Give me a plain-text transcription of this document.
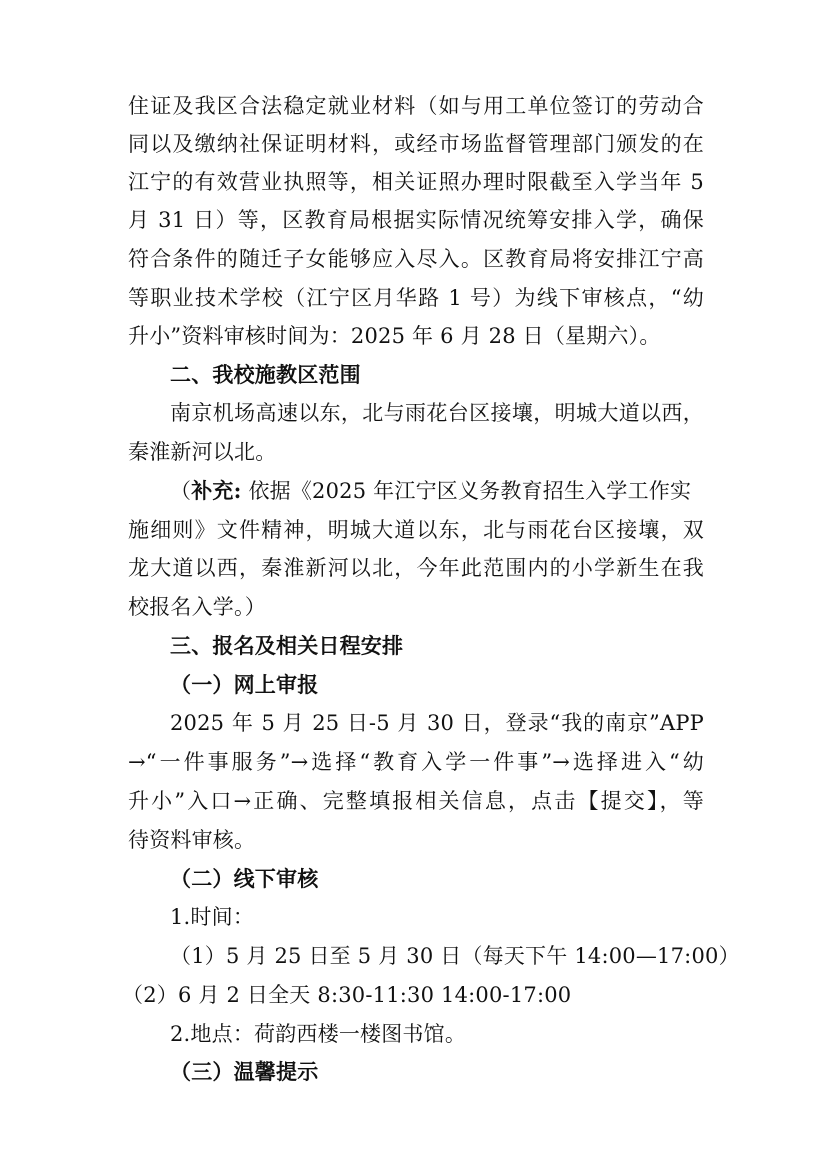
住证及我区合法稳定就业材料（如与用工单位签订的劳动合
同以及缴纳社保证明材料，或经市场监督管理部门颁发的在
江宁的有效营业执照等，相关证照办理时限截至入学当年 5
月 31 日）等，区教育局根据实际情况统筹安排入学，确保
符合条件的随迁子女能够应入尽入。区教育局将安排江宁高
等职业技术学校（江宁区月华路 1 号）为线下审核点，“幼
升小”资料审核时间为：2025 年 6 月 28 日（星期六）。
二、我校施教区范围
南京机场高速以东，北与雨花台区接壤，明城大道以西，
秦淮新河以北。
（补充: 依据《2025 年江宁区义务教育招生入学工作实
施细则》文件精神，明城大道以东，北与雨花台区接壤，双
龙大道以西，秦淮新河以北，今年此范围内的小学新生在我
校报名入学。）
三、报名及相关日程安排
（一）网上审报
2025 年 5 月 25 日-5 月 30 日，登录“我的南京”APP
→“一件事服务”→选择“教育入学一件事”→选择进入“幼
升小”入口→正确、完整填报相关信息，点击【提交】，等
待资料审核。
（二）线下审核
1.时间：
（1）5 月 25 日至 5 月 30 日（每天下午 14:00—17:00）
（2）6 月 2 日全天 8:30-11:30 14:00-17:00
2.地点：荷韵西楼一楼图书馆。
（三）温馨提示
